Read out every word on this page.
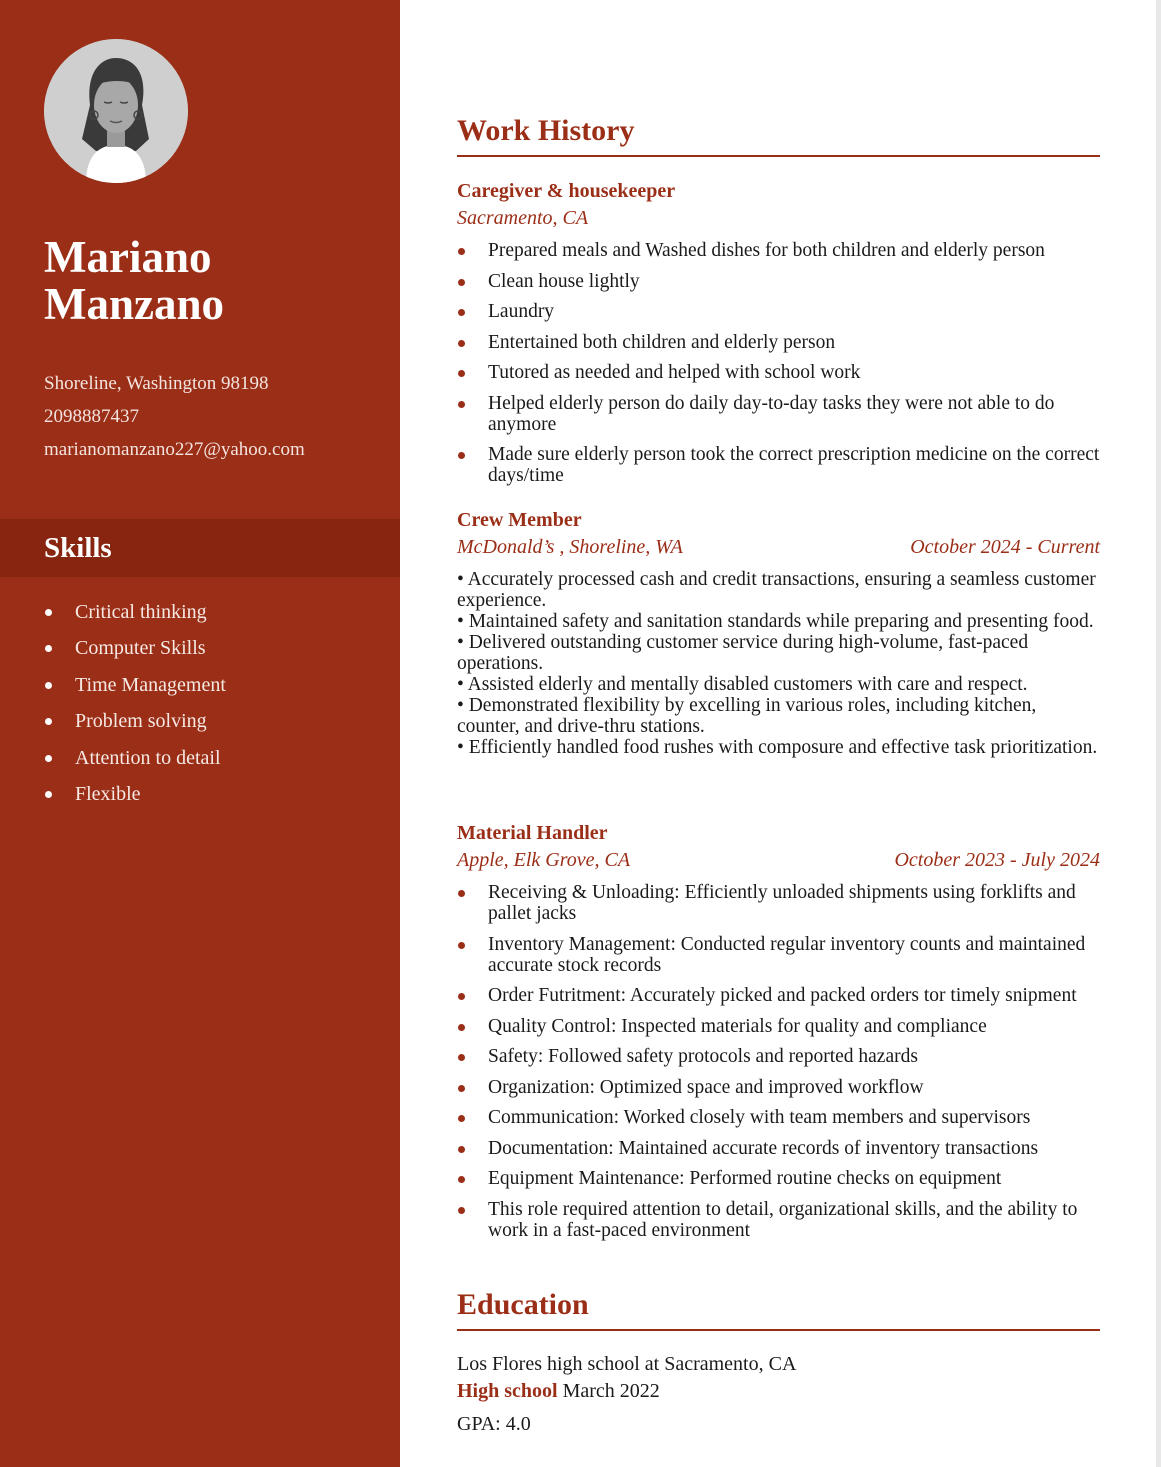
Mariano
Manzano
Shoreline, Washington 98198
2098887437
marianomanzano227@yahoo.com
Skills
Critical thinking
Computer Skills
Time Management
Problem solving
Attention to detail
Flexible
Work History
Caregiver & housekeeper
Sacramento, CA
Prepared meals and Washed dishes for both children and elderly person
Clean house lightly
Laundry
Entertained both children and elderly person
Tutored as needed and helped with school work
Helped elderly person do daily day-to-day tasks they were not able to do anymore
Made sure elderly person took the correct prescription medicine on the correct days/time
Crew Member
McDonald’s , Shoreline, WA	October 2024 - Current

• Accurately processed cash and credit transactions, ensuring a seamless customer experience.

• Maintained safety and sanitation standards while preparing and presenting food.

• Delivered outstanding customer service during high-volume, fast-paced operations.

• Assisted elderly and mentally disabled customers with care and respect.

• Demonstrated flexibility by excelling in various roles, including kitchen, counter, and drive-thru stations.

• Efficiently handled food rushes with composure and effective task prioritization.

Material Handler
Apple, Elk Grove, CA	October 2023 - July 2024
Receiving & Unloading: Efficiently unloaded shipments using forklifts and pallet jacks
Inventory Management: Conducted regular inventory counts and maintained accurate stock records
Order Futritment: Accurately picked and packed orders tor timely snipment
Quality Control: Inspected materials for quality and compliance
Safety: Followed safety protocols and reported hazards
Organization: Optimized space and improved workflow
Communication: Worked closely with team members and supervisors
Documentation: Maintained accurate records of inventory transactions
Equipment Maintenance: Performed routine checks on equipment
This role required attention to detail, organizational skills, and the ability to work in a fast-paced environment
Education
Los Flores high school at Sacramento, CA
High school March 2022
GPA: 4.0
